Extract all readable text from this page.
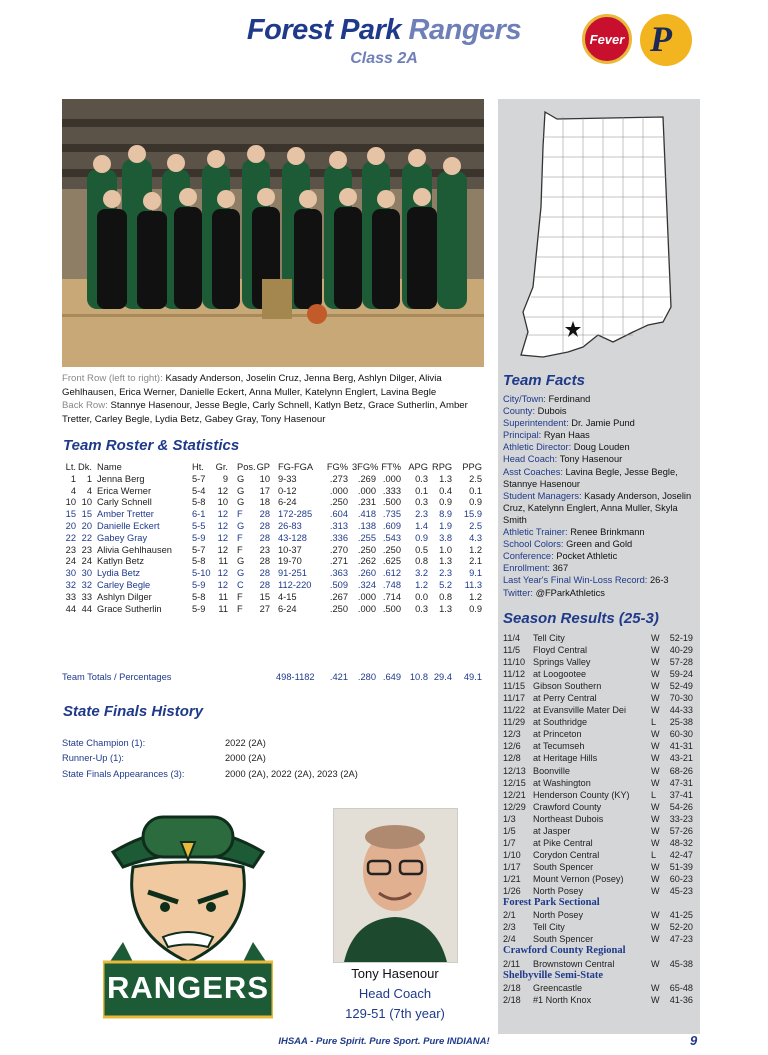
Forest Park Rangers
Class 2A
Fever P
Front Row (left to right): Kasady Anderson, Joselin Cruz, Jenna Berg, Ashlyn Dilger, Alivia Gehlhausen, Erica Werner, Danielle Eckert, Anna Muller, Katelynn Englert, Lavina Begle
Back Row: Stannye Hasenour, Jesse Begle, Carly Schnell, Katlyn Betz, Grace Sutherlin, Amber Tretter, Carley Begle, Lydia Betz, Gabey Gray, Tony Hasenour
Team Roster & Statistics
Lt. Dk. Name	Ht. Gr. Pos. GP FG-FGA	FG% 3FG% FT% APG RPG PPG
1	1 Jenna Berg	5-7	9 G	10 9-33	.273	.269 .000	0.3	1.3	2.5
4	4 Erica Werner	5-4	12 G	17 0-12	.000	.000 .333	0.1	0.4	0.1
10 10 Carly Schnell	5-8	10 G	18 6-24	.250	.231 .500	0.3	0.9	0.9
15 15 Amber Tretter	6-1	12 F	28 172-285	.604	.418 .735	2.3	8.9	15.9
20 20 Danielle Eckert	5-5	12 G	28 26-83	.313	.138 .609	1.4	1.9	2.5
22 22 Gabey Gray	5-9	12 F	28 43-128	.336	.255 .543	0.9	3.8	4.3
23 23 Alivia Gehlhausen 5-7	12 F	23 10-37	.270	.250 .250	0.5	1.0	1.2
24 24 Katlyn Betz	5-8	11 G	28 19-70	.271	.262 .625	0.8	1.3	2.1
30 30 Lydia Betz	5-10 12 G	28 91-251	.363	.260 .612	3.2	2.3	9.1
32 32 Carley Begle	5-9	12 C	28 112-220	.509	.324 .748	1.2	5.2	11.3
33 33 Ashlyn Dilger	5-8	11 F	15 4-15	.267	.000 .714	0.0	0.8	1.2
44 44 Grace Sutherlin	5-9	11 F	27 6-24	.250	.000 .500	0.3	1.3	0.9
Team Totals / Percentages	498-1182	.421	.280 .649 10.8 29.4	49.1
State Finals History
State Champion (1):	2022 (2A)
Runner-Up (1):	2000 (2A)
State Finals Appearances (3):	2000 (2A), 2022 (2A), 2023 (2A)
RANGERS	Tony Hasenour
Head Coach
129-51 (7th year)
Team Facts
City/Town: Ferdinand
County: Dubois
Superintendent: Dr. Jamie Pund
Principal: Ryan Haas
Athletic Director: Doug Louden
Head Coach: Tony Hasenour
Asst Coaches: Lavina Begle, Jesse Begle, Stannye Hasenour
Student Managers: Kasady Anderson, Joselin Cruz, Katelynn Englert, Anna Muller, Skyla Smith
Athletic Trainer: Renee Brinkmann
School Colors: Green and Gold
Conference: Pocket Athletic
Enrollment: 367
Last Year's Final Win-Loss Record: 26-3
Twitter: @FParkAthletics
Season Results (25-3)
11/4 Tell City	W	52-19
11/5 Floyd Central	W	40-29
11/10 Springs Valley	W	57-28
11/12 at Loogootee	W	59-24
11/15 Gibson Southern	W	52-49
11/17 at Perry Central	W	70-30
11/22 at Evansville Mater Dei	W	44-33
11/29 at Southridge	L	25-38
12/3 at Princeton	W	60-30
12/6 at Tecumseh	W	41-31
12/8 at Heritage Hills	W	43-21
12/13 Boonville	W	68-26
12/15 at Washington	W	47-31
12/21 Henderson County (KY) L	37-41
12/29 Crawford County	W	54-26
1/3 Northeast Dubois	W	33-23
1/5 at Jasper	W	57-26
1/7 at Pike Central	W	48-32
1/10 Corydon Central	L	42-47
1/17 South Spencer	W	51-39
1/21 Mount Vernon (Posey)	W	60-23
1/26 North Posey	W	45-23
Forest Park Sectional
2/1 North Posey	W	41-25
2/3 Tell City	W	52-20
2/4 South Spencer	W	47-23
Crawford County Regional
2/11 Brownstown Central	W	45-38
Shelbyville Semi-State
2/18 Greencastle	W	65-48
2/18 #1 North Knox	W	41-36
IHSAA - Pure Spirit. Pure Sport. Pure INDIANA!	9
